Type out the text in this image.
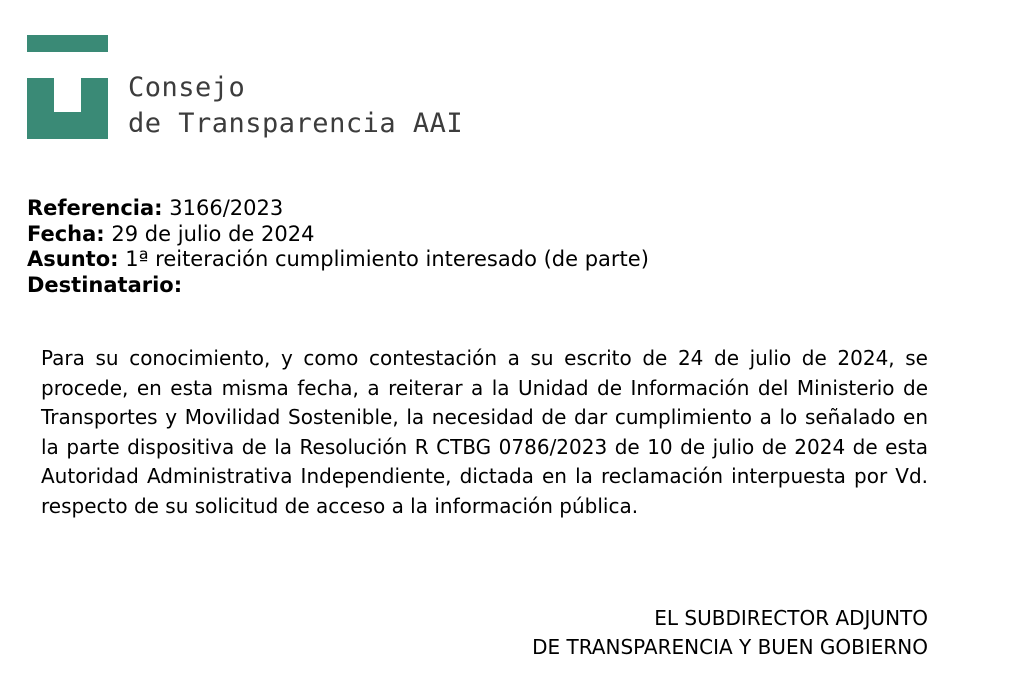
Consejo
de Transparencia AAI
Referencia: 3166/2023
Fecha: 29 de julio de 2024
Asunto: 1ª reiteración cumplimiento interesado (de parte)
Destinatario:
Para su conocimiento, y como contestación a su escrito de 24 de julio de 2024, se procede, en esta misma fecha, a reiterar a la Unidad de Información del Ministerio de Transportes y Movilidad Sostenible, la necesidad de dar cumplimiento a lo señalado en la parte dispositiva de la Resolución R CTBG 0786/2023 de 10 de julio de 2024 de esta Autoridad Administrativa Independiente, dictada en la reclamación interpuesta por Vd. respecto de su solicitud de acceso a la información pública.
EL SUBDIRECTOR ADJUNTO
DE TRANSPARENCIA Y BUEN GOBIERNO
